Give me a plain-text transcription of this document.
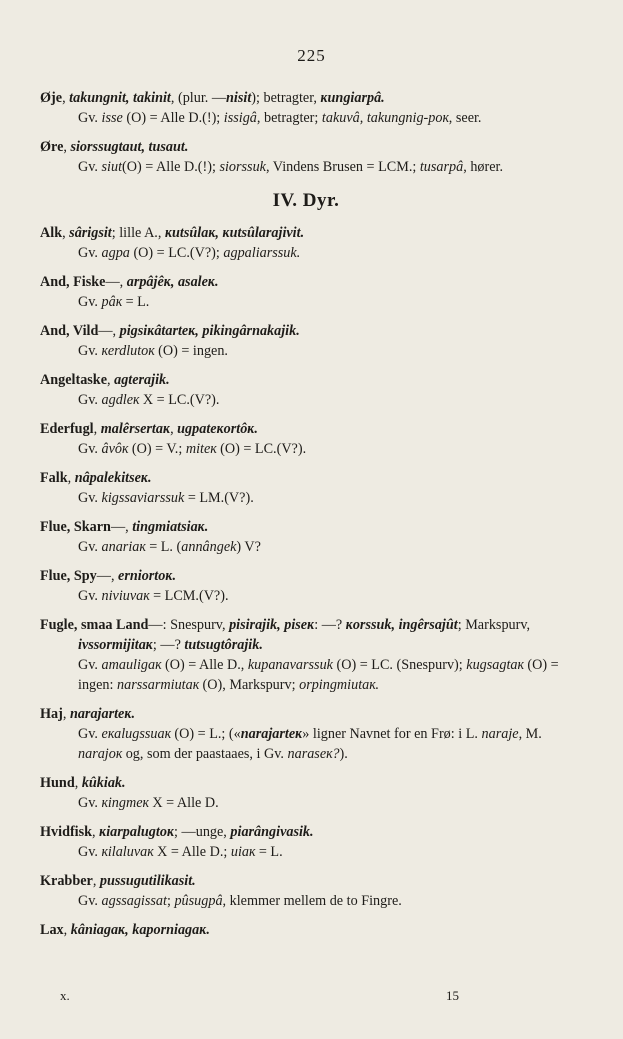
225
Øje, takungnit, takinit, (plur. —nisit); betragter, ĸungiarpâ.
Gv. isse (O) = Alle D.(!); issigâ, betragter; takuvâ, takungnig-poĸ, seer.
Øre, siorssugtaut, tusaut.
Gv. siut(O) = Alle D.(!); siorssuk, Vindens Brusen = LCM.; tusarpâ, hører.
IV. Dyr.
Alk, sârigsit; lille A., ĸutsûlaĸ, ĸutsûlarajivit.
Gv. agpa (O) = LC.(V?); agpaliarssuk.
And, Fiske—, arpâjêĸ, asaleĸ.
Gv. pâĸ = L.
And, Vild—, pigsiĸâtarteĸ, pikingârnakajik.
Gv. ĸerdlutoĸ (O) = ingen.
Angeltaske, agterajik.
Gv. agdleĸ X = LC.(V?).
Ederfugl, malêrsertaĸ, ugpateĸortôĸ.
Gv. âvôĸ (O) = V.; miteĸ (O) = LC.(V?).
Falk, nâpalekitseĸ.
Gv. kigssaviarssuk = LM.(V?).
Flue, Skarn—, tingmiatsiaĸ.
Gv. anariaĸ = L. (annângek) V?
Flue, Spy—, erniortoĸ.
Gv. niviuvaĸ = LCM.(V?).
Fugle, smaa Land—: Snespurv, pisirajik, piseĸ: —? ĸorssuk, ingêrsajût; Markspurv, ivssormijitaĸ; —? tutsugtôrajik.
Gv. amauligaĸ (O) = Alle D., kupanavarssuk (O) = LC. (Snespurv); kugsagtaĸ (O) = ingen: narssarmiutaĸ (O), Markspurv; orpingmiutaĸ.
Haj, narajarteĸ.
Gv. eĸalugssuaĸ (O) = L.; («narajarteĸ» ligner Navnet for en Frø: i L. naraje, M. narajoĸ og, som der paastaaes, i Gv. naraseĸ?).
Hund, kûkiak.
Gv. ĸingmeĸ X = Alle D.
Hvidfisk, ĸiarpalugtoĸ; —unge, piarângivasik.
Gv. ĸilaluvaĸ X = Alle D.; uiaĸ = L.
Krabber, pussugutilikasit.
Gv. agssagissat; pûsugpâ, klemmer mellem de to Fingre.
Lax, kâniagaĸ, kaporniagaĸ.
x.	15
